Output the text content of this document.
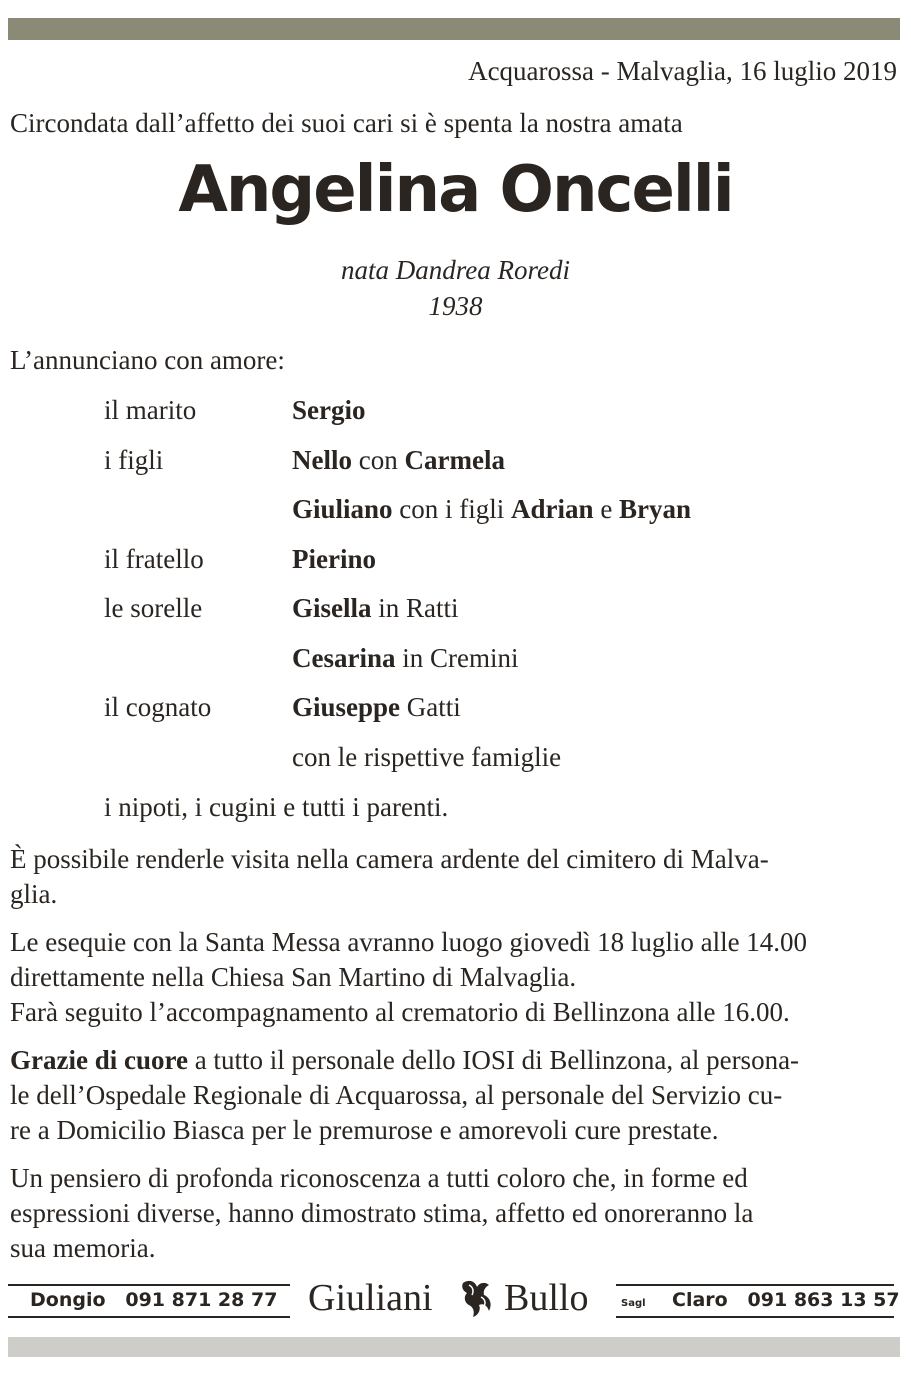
Acquarossa - Malvaglia, 16 luglio 2019
Circondata dall’affetto dei suoi cari si è spenta la nostra amata
Angelina Oncelli
nata Dandrea Roredi
1938
L’annunciano con amore:
il marito	Sergio
i figli	Nello con Carmela
Giuliano con i figli Adrian e Bryan
il fratello	Pierino
le sorelle	Gisella in Ratti
Cesarina in Cremini
il cognato	Giuseppe Gatti
con le rispettive famiglie
i nipoti, i cugini e tutti i parenti.
È possibile renderle visita nella camera ardente del cimitero di Malva-
glia.
Le esequie con la Santa Messa avranno luogo giovedì 18 luglio alle 14.00
direttamente nella Chiesa San Martino di Malvaglia.
Farà seguito l’accompagnamento al crematorio di Bellinzona alle 16.00.
Grazie di cuore a tutto il personale dello IOSI di Bellinzona, al persona-
le dell’Ospedale Regionale di Acquarossa, al personale del Servizio cu-
re a Domicilio Biasca per le premurose e amorevoli cure prestate.
Un pensiero di profonda riconoscenza a tutti coloro che, in forme ed
espressioni diverse, hanno dimostrato stima, affetto ed onoreranno la
sua memoria.
Dongio   091 871 28 77 Giuliani Bullo	Sagl Claro   091 863 13 57
